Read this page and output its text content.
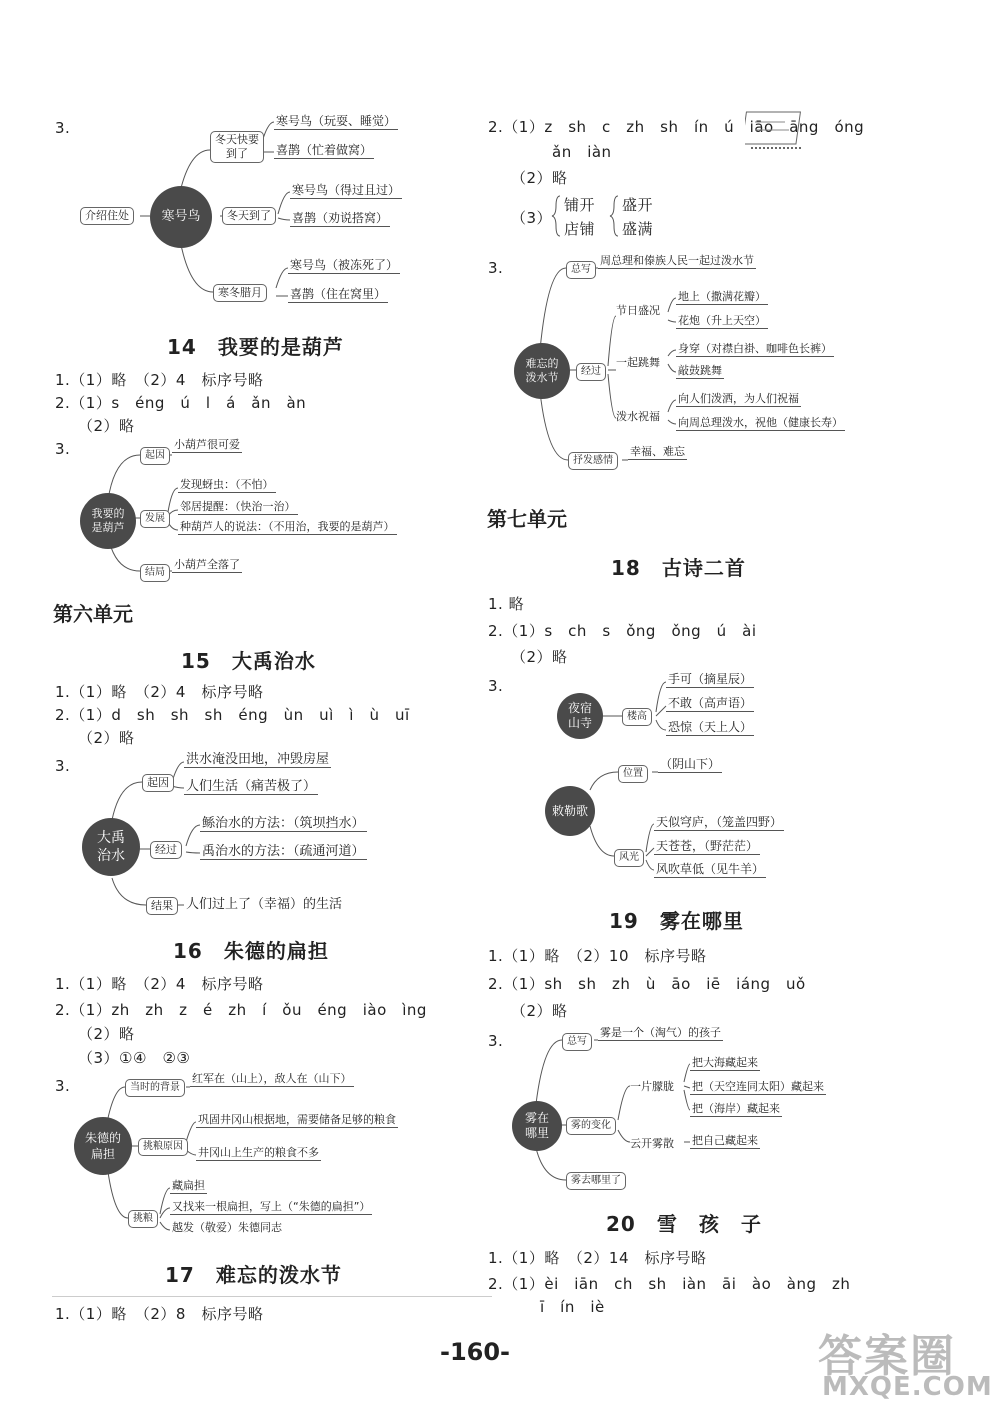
3.
介绍住处	寒号鸟
冬天快要到了
寒号鸟（玩耍、睡觉）
喜鹊（忙着做窝）
冬天到了
寒号鸟（得过且过）
喜鹊（劝说搭窝）
寒冬腊月
寒号鸟（被冻死了）
喜鹊（住在窝里）
14　我要的是葫芦
1.（1）略　（2）4　标序号略
2.（1）s　éng　ú　l　á　ǎn　àn
（2）略
3.
我要的是葫芦
起因
小葫芦很可爱
发展
发现蚜虫：（不怕）
邻居提醒：（快治一治）
种葫芦人的说法：（不用治，我要的是葫芦）
结局
小葫芦全落了
第六单元
15　大禹治水
1.（1）略　（2）4　标序号略
2.（1）d　sh　sh　sh　éng　ùn　uì　ì　ù　uī
（2）略
3.
大禹治水
起因
洪水淹没田地，冲毁房屋
人们生活（痛苦极了）
经过
鲧治水的方法：（筑坝挡水）
禹治水的方法：（疏通河道）
结果	人们过上了（幸福）的生活
16　朱德的扁担
1.（1）略　（2）4　标序号略
2.（1）zh　zh　z　é　zh　í　ǒu　éng　iào　ìng
（2）略
（3）①④　②③
3.
朱德的扁担
当时的背景
红军在（山上），敌人在（山下）
挑粮原因
巩固井冈山根据地，需要储备足够的粮食
井冈山上生产的粮食不多
挑粮
藏扁担
又找来一根扁担，写上（“朱德的扁担”）
越发（敬爱）朱德同志
17　难忘的泼水节
1.（1）略　（2）8　标序号略
2.（1）z　sh　c　zh　sh　ín　ú　iāo　āng　óng
ǎn　iàn
（2）略
（3）
铺开
店铺
盛开
盛满
3.
难忘的泼水节
总写
周总理和傣族人民一起过泼水节
经过
节日盛况
地上（撒满花瓣）
花炮（升上天空）
一起跳舞
身穿（对襟白褂、咖啡色长裤）
敲鼓跳舞
泼水祝福
向人们泼洒，为人们祝福
向周总理泼水，祝他（健康长寿）
抒发感情
幸福、难忘
第七单元
18　古诗二首
1. 略
2.（1）s　ch　s　ǒng　ǒng　ú　ài
（2）略
3.
夜宿山寺	楼高
手可（摘星辰）
不敢（高声语）
恐惊（天上人）
敕勒歌
位置
（阴山下）
风光
天似穹庐，（笼盖四野）
天苍苍，（野茫茫）
风吹草低（见牛羊）
19　雾在哪里
1.（1）略　（2）10　标序号略
2.（1）sh　sh　zh　ù　āo　iē　iáng　uǒ
（2）略
3.
雾在哪里
总写
雾是一个（淘气）的孩子
雾的变化
一片朦胧
把大海藏起来
把（天空连同太阳）藏起来
把（海岸）藏起来
云开雾散 把自己藏起来
雾去哪里了
20　雪　孩　子
1.（1）略　（2）14　标序号略
2.（1）èi　iān　ch　sh　iàn　āi　ào　àng　zh
ī　ín　iè
-160-	答案圈
MXQE.COM
